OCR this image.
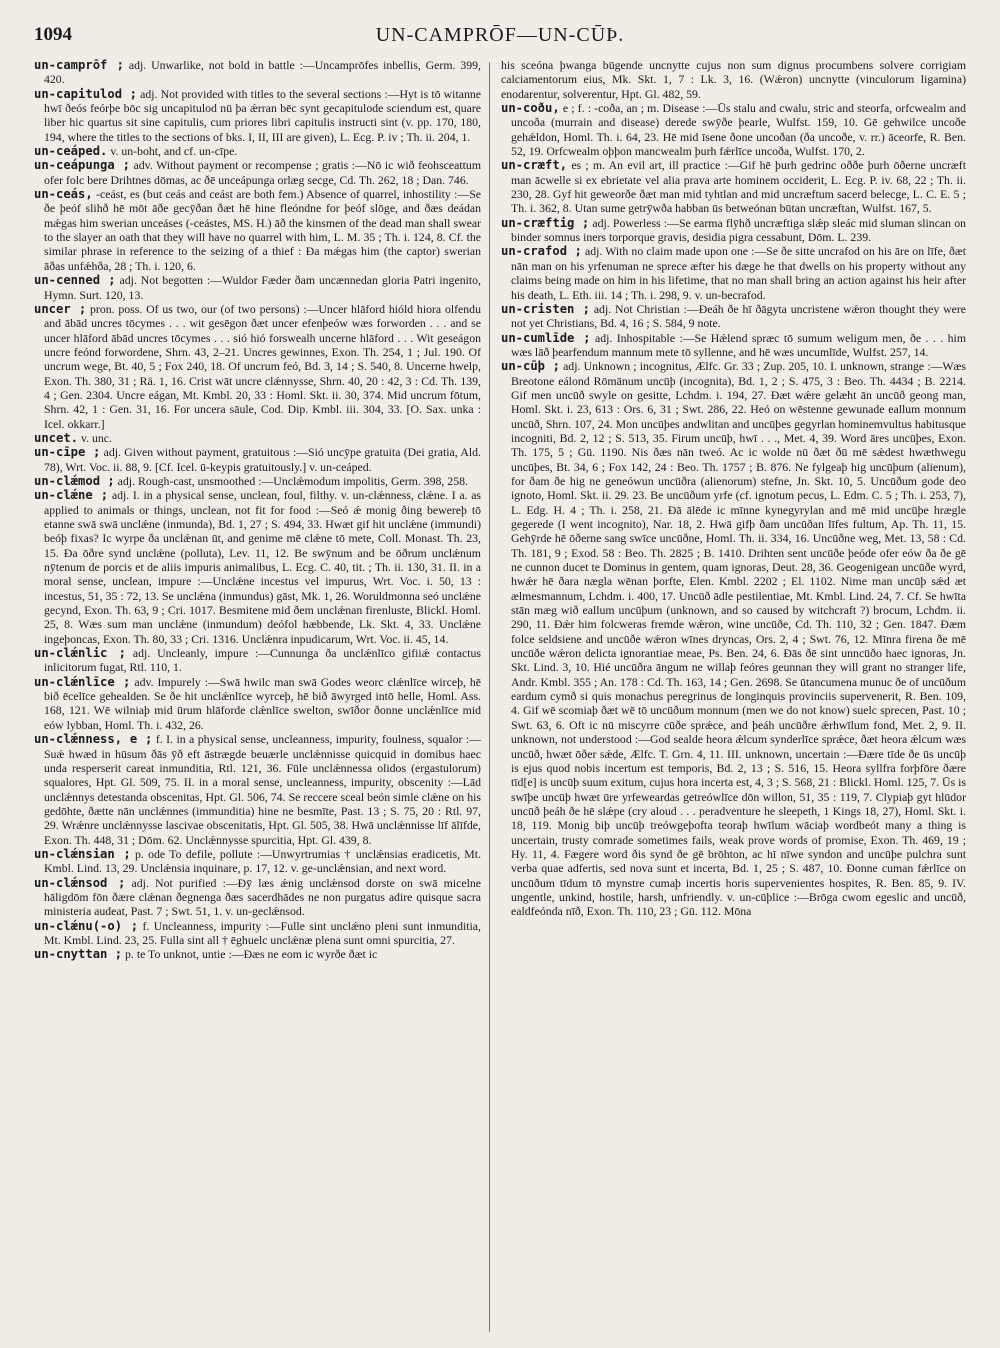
1094	UN-CAMPRŌF—UN-CŪÞ.

un-camprōf ; adj. Unwarlike, not bold in battle :—Uncamprōfes inbellis, Germ. 399, 420.

un-capitulod ; adj. Not provided with titles to the several sections :—Hyt is tō witanne hwī ðeós feórþe bōc sig uncapitulod nū þa ǽrran bēc synt gecapitulode sciendum est, quare liber hic quartus sit sine capitulis, cum priores libri capitulis instructi sint (v. pp. 170, 180, 194, where the titles to the sections of bks. I, II, III are given), L. Ecg. P. iv ; Th. ii. 204, 1.

un-ceáped. v. un-boht, and cf. un-cīpe.

un-ceápunga ; adv. Without payment or recompense ; gratis :—Nō ic wið feohsceattum ofer folc bere Drihtnes dōmas, ac ðē unceápunga orlæg secge, Cd. Th. 262, 18 ; Dan. 746.

un-ceás, -ceást, es (but ceás and ceást are both fem.) Absence of quarrel, inhostility :—Se ðe þeóf slihð hē mōt āðe gecȳðan ðæt hē hine fleóndne for þeóf slōge, and ðæs deádan mǽgas him swerian unceáses (-ceástes, MS. H.) āð the kinsmen of the dead man shall swear to the slayer an oath that they will have no quarrel with him, L. M. 35 ; Th. i. 124, 8. Cf. the similar phrase in reference to the seizing of a thief : Ða mǽgas him (the captor) swerian āðas unfǽhða, 28 ; Th. i. 120, 6.

un-cenned ; adj. Not begotten :—Wuldor Fæder ðam uncænnedan gloria Patri ingenito, Hymn. Surt. 120, 13.

uncer ; pron. poss. Of us two, our (of two persons) :—Uncer hlāford hióld hiora olfendu and ābād uncres tōcymes . . . wit gesēgon ðæt uncer efenþeów wæs forworden . . . and se uncer hlāford ābād uncres tōcymes . . . sió hió forswealh uncerne hlāford . . . Wit geseágon uncre feónd forwordene, Shrn. 43, 2–21. Uncres gewinnes, Exon. Th. 254, 1 ; Jul. 190. Of uncrum wege, Bt. 40, 5 ; Fox 240, 18. Of uncrum feó, Bd. 3, 14 ; S. 540, 8. Uncerne hwelp, Exon. Th. 380, 31 ; Rä. 1, 16. Crist wāt uncre clǽnnysse, Shrn. 40, 20 : 42, 3 : Cd. Th. 139, 4 ; Gen. 2304. Uncre eágan, Mt. Kmbl. 20, 33 : Homl. Skt. ii. 30, 374. Mid uncrum fōtum, Shrn. 42, 1 : Gen. 31, 16. For uncera sāule, Cod. Dip. Kmbl. iii. 304, 33. [O. Sax. unka : Icel. okkarr.]

uncet. v. unc.

un-cīpe ; adj. Given without payment, gratuitous :—Sió uncȳpe gratuita (Dei gratia, Ald. 78), Wrt. Voc. ii. 88, 9. [Cf. Icel. ū-keypis gratuitously.] v. un-ceáped.

un-clǽmod ; adj. Rough-cast, unsmoothed :—Unclǽmodum impolitis, Germ. 398, 258.

un-clǽne ; adj. I. in a physical sense, unclean, foul, filthy. v. un-clǽnness, clǽne. I a. as applied to animals or things, unclean, not fit for food :—Seó ǽ monig ðing bewereþ tō etanne swā swā unclǽne (inmunda), Bd. 1, 27 ; S. 494, 33. Hwæt gif hit unclǽne (immundi) beóþ fixas? Ic wyrpe ða unclǽnan ūt, and genime mē clǽne tō mete, Coll. Monast. Th. 23, 15. Ða ōðre synd unclǽne (polluta), Lev. 11, 12. Be swȳnum and be ōðrum unclǽnum nȳtenum de porcis et de aliis impuris animalibus, L. Ecg. C. 40, tit. ; Th. ii. 130, 31. II. in a moral sense, unclean, impure :—Unclǽne incestus vel impurus, Wrt. Voc. i. 50, 13 : incestus, 51, 35 : 72, 13. Se unclǽna (inmundus) gāst, Mk. 1, 26. Woruldmonna seó unclǽne gecynd, Exon. Th. 63, 9 ; Cri. 1017. Besmitene mid ðem unclǽnan firenluste, Blickl. Homl. 25, 8. Wæs sum man unclǽne (inmundum) deófol hæbbende, Lk. Skt. 4, 33. Unclǽne ingeþoncas, Exon. Th. 80, 33 ; Cri. 1316. Unclǽnra inpudicarum, Wrt. Voc. ii. 45, 14.

un-clǽnlic ; adj. Uncleanly, impure :—Cunnunga ða unclǽnlīco gifiiǽ contactus inlicitorum fugat, Rtl. 110, 1.

un-clǽnlīce ; adv. Impurely :—Swā hwilc man swā Godes weorc clǽnlīce wirceþ, hē bið ēcelīce gehealden. Se ðe hit unclǽnlīce wyrceþ, hē bið āwyrged intō helle, Homl. Ass. 168, 121. Wē wilniaþ mid ūrum hlāforde clǽnlīce swelton, swīðor ðonne unclǽnlīce mid eów lybban, Homl. Th. i. 432, 26.

un-clǽnness, e ; f. I. in a physical sense, uncleanness, impurity, foulness, squalor :—Suǽ hwæd in hūsum ðās ȳð eft āstrægde beuærle unclǽnnisse quicquid in domibus haec unda resperserit careat inmunditia, Rtl. 121, 36. Fūle unclǽnnessa olidos (ergastulorum) squalores, Hpt. Gl. 509, 75. II. in a moral sense, uncleanness, impurity, obscenity :—Lād unclǽnnys detestanda obscenitas, Hpt. Gl. 506, 74. Se reccere sceal beón simle clǽne on his gedōhte, ðætte nān unclǽnnes (immunditia) hine ne besmīte, Past. 13 ; S. 75, 20 : Rtl. 97, 29. Wrǽnre unclǽnnysse lascivae obscenitatis, Hpt. Gl. 505, 38. Hwā unclǽnnisse līf ālīfde, Exon. Th. 448, 31 ; Dōm. 62. Unclǽnnysse spurcitia, Hpt. Gl. 439, 8.

un-clǽnsian ; p. ode To defile, pollute :—Unwyrtrumias † unclǽnsias eradicetis, Mt. Kmbl. Lind. 13, 29. Unclǽnsia inquinare, p. 17, 12. v. ge-unclǽnsian, and next word.

un-clǽnsod ; adj. Not purified :—Ðȳ læs ǽnig unclǽnsod dorste on swā micelne hāligdōm fōn ðære clǽnan ðegnenga ðæs sacerdhādes ne non purgatus adire quisque sacra ministeria audeat, Past. 7 ; Swt. 51, 1. v. un-geclǽnsod.

un-clǽnu(-o) ; f. Uncleanness, impurity :—Fulle sint unclǽno pleni sunt inmunditia, Mt. Kmbl. Lind. 23, 25. Fulla sint all † ēghuelc unclǽnæ plena sunt omni spurcitia, 27.

un-cnyttan ; p. te To unknot, untie :—Ðæs ne eom ic wyrðe ðæt ic

his sceóna þwanga būgende uncnytte cujus non sum dignus procumbens solvere corrigiam calciamentorum eius, Mk. Skt. 1, 7 : Lk. 3, 16. (Wǽron) uncnytte (vinculorum ligamina) enodarentur, solverentur, Hpt. Gl. 482, 59.

un-coðu, e ; f. : -coða, an ; m. Disease :—Ūs stalu and cwalu, stric and steorfa, orfcwealm and uncoða (murrain and disease) derede swȳðe þearle, Wulfst. 159, 10. Gē gehwilce uncoðe gehǽldon, Homl. Th. i. 64, 23. Hē mid īsene ðone uncoðan (ða uncoðe, v. rr.) āceorfe, R. Ben. 52, 19. Orfcwealm oþþon mancwealm þurh fǽrlīce uncoða, Wulfst. 170, 2.

un-cræft, es ; m. An evil art, ill practice :—Gif hē þurh gedrinc oððe þurh ōðerne uncræft man ācwelle si ex ebrietate vel alia prava arte hominem occiderit, L. Ecg. P. iv. 68, 22 ; Th. ii. 230, 28. Gyf hit geweorðe ðæt man mid tyhtlan and mid uncræftum sacerd belecge, L. C. E. 5 ; Th. i. 362, 8. Utan sume getrȳwða habban ūs betweónan būtan uncræftan, Wulfst. 167, 5.

un-cræftig ; adj. Powerless :—Se earma flȳhð uncræftiga slǽp sleác mid sluman slincan on binder somnus iners torporque gravis, desidia pigra cessabunt, Dōm. L. 239.

un-crafod ; adj. With no claim made upon one :—Se ðe sitte uncrafod on his āre on līfe, ðæt nān man on his yrfenuman ne sprece æfter his dæge he that dwells on his property without any claims being made on him in his lifetime, that no man shall bring an action against his heir after his death, L. Eth. iii. 14 ; Th. i. 298, 9. v. un-becrafod.

un-cristen ; adj. Not Christian :—Ðeáh ðe hī ðāgyta uncristene wǽron thought they were not yet Christians, Bd. 4, 16 ; S. 584, 9 note.

un-cumlīde ; adj. Inhospitable :—Se Hǽlend spræc tō sumum weligum men, ðe . . . him wæs lāð þearfendum mannum mete tō syllenne, and hē wæs uncumlīde, Wulfst. 257, 14.

un-cūþ ; adj. Unknown ; incognitus, Ælfc. Gr. 33 ; Zup. 205, 10. I. unknown, strange :—Wæs Breotone eálond Rōmānum uncūþ (incognita), Bd. 1, 2 ; S. 475, 3 : Beo. Th. 4434 ; B. 2214. Gif men uncūð swyle on gesitte, Lchdm. i. 194, 27. Ðæt wǽre gelæht ān uncūð geong man, Homl. Skt. i. 23, 613 : Ors. 6, 31 ; Swt. 286, 22. Heó on wēstenne gewunade eallum monnum uncūð, Shrn. 107, 24. Mon uncūþes andwlitan and uncūþes gegyrlan hominemvultus habitusque incogniti, Bd. 2, 12 ; S. 513, 35. Firum uncūþ, hwī . . ., Met. 4, 39. Word āres uncūþes, Exon. Th. 175, 5 ; Gū. 1190. Nis ðæs nān tweó. Ac ic wolde nū ðæt ðū mē sǽdest hwæthwegu uncūþes, Bt. 34, 6 ; Fox 142, 24 : Beo. Th. 1757 ; B. 876. Ne fylgeaþ hig uncūþum (alienum), for ðam ðe hig ne geneówun uncūðra (alienorum) stefne, Jn. Skt. 10, 5. Uncūðum gode deo ignoto, Homl. Skt. ii. 29. 23. Be uncūðum yrfe (cf. ignotum pecus, L. Edm. C. 5 ; Th. i. 253, 7), L. Edg. H. 4 ; Th. i. 258, 21. Ðā ālēde ic mīnne kynegyrylan and mē mid uncūþe hrægle gegerede (I went incognito), Nar. 18, 2. Hwā gifþ ðam uncūðan līfes fultum, Ap. Th. 11, 15. Gehȳrde hē ōðerne sang swīce uncūðne, Homl. Th. ii. 334, 16. Uncūðne weg, Met. 13, 58 : Cd. Th. 181, 9 ; Exod. 58 : Beo. Th. 2825 ; B. 1410. Drihten sent uncūðe þeóde ofer eów ða ðe gē ne cunnon ducet te Dominus in gentem, quam ignoras, Deut. 28, 36. Geogenigean uncūðe wyrd, hwǽr hē ðara nægla wēnan þorfte, Elen. Kmbl. 2202 ; El. 1102. Nime man uncūþ sǽd æt ælmesmannum, Lchdm. i. 400, 17. Uncūð ādle pestilentiae, Mt. Kmbl. Lind. 24, 7. Cf. Se hwīta stān mæg wið eallum uncūþum (unknown, and so caused by witchcraft ?) brocum, Lchdm. ii. 290, 11. Ðǽr him folcweras fremde wǽron, wine uncūðe, Cd. Th. 110, 32 ; Gen. 1847. Ðæm folce seldsiene and uncūðe wǽron wīnes dryncas, Ors. 2, 4 ; Swt. 76, 12. Mīnra firena ðe mē uncūðe wǽron delicta ignorantiae meae, Ps. Ben. 24, 6. Ðās ðē sint unncūðo haec ignoras, Jn. Skt. Lind. 3, 10. Hié uncūðra āngum ne willaþ feóres geunnan they will grant no stranger life, Andr. Kmbl. 355 ; An. 178 : Cd. Th. 163, 14 ; Gen. 2698. Se ūtancumena munuc ðe of uncūðum eardum cymð si quis monachus peregrinus de longinquis provinciis supervenerit, R. Ben. 109, 4. Gif wē scomiaþ ðæt wē tō uncūðum monnum (men we do not know) suelc sprecen, Past. 10 ; Swt. 63, 6. Oft ic nū miscyrre cūðe sprǽce, and þeáh uncūðre ǽrhwīlum fond, Met. 2, 9. II. unknown, not understood :—God sealde heora ǽlcum synderlīce sprǽce, ðæt heora ǽlcum wæs uncūð, hwæt ōðer sǽde, Ælfc. T. Grn. 4, 11. III. unknown, uncertain :—Ðære tīde ðe ūs uncūþ is ejus quod nobis incertum est temporis, Bd. 2, 13 ; S. 516, 15. Heora syllfra forþfōre ðære tīd[e] is uncūþ suum exitum, cujus hora incerta est, 4, 3 ; S. 568, 21 : Blickl. Homl. 125, 7. Ūs is swīþe uncūþ hwæt ūre yrfeweardas getreówlīce dōn willon, 51, 35 : 119, 7. Clypiaþ gyt hlūdor uncūð þeáh ðe hē slǽpe (cry aloud . . . peradventure he sleepeth, 1 Kings 18, 27), Homl. Skt. i. 18, 119. Monig biþ uncūþ treówgeþofta teoraþ hwīlum wāciaþ wordbeót many a thing is uncertain, trusty comrade sometimes fails, weak prove words of promise, Exon. Th. 469, 19 ; Hy. 11, 4. Fægere word ðis synd ðe gē brōhton, ac hī nīwe syndon and uncūþe pulchra sunt verba quae adfertis, sed nova sunt et incerta, Bd. 1, 25 ; S. 487, 10. Ðonne cuman fǽrlīce on uncūðum tīdum tō mynstre cumaþ incertis horis supervenientes hospites, R. Ben. 85, 9. IV. ungentle, unkind, hostile, harsh, unfriendly. v. un-cūþlice :—Brōga cwom egeslic and uncūð, ealdfeónda nīð, Exon. Th. 110, 23 ; Gū. 112. Mōna
